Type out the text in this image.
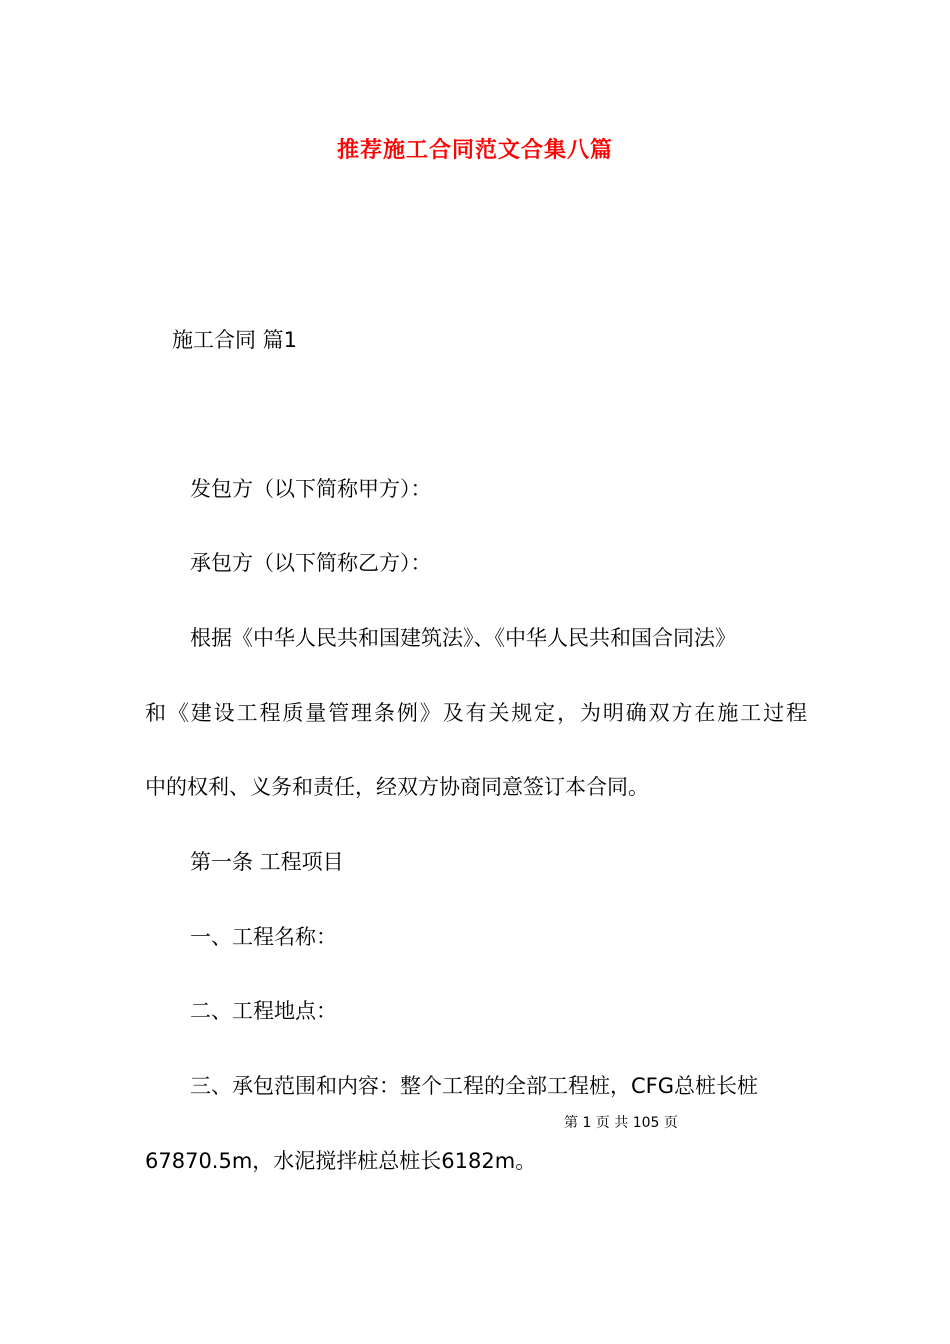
推荐施工合同范文合集八篇
施工合同 篇1
发包方（以下简称甲方）：
承包方（以下简称乙方）：
根据《中华人民共和国建筑法》、《中华人民共和国合同法》
和《建设工程质量管理条例》及有关规定，为明确双方在施工过程
中的权利、义务和责任，经双方协商同意签订本合同。
第一条 工程项目
一、工程名称：
二、工程地点：
三、承包范围和内容：整个工程的全部工程桩，CFG总桩长桩
第 1 页 共 105 页
67870.5m，水泥搅拌桩总桩长6182m。
